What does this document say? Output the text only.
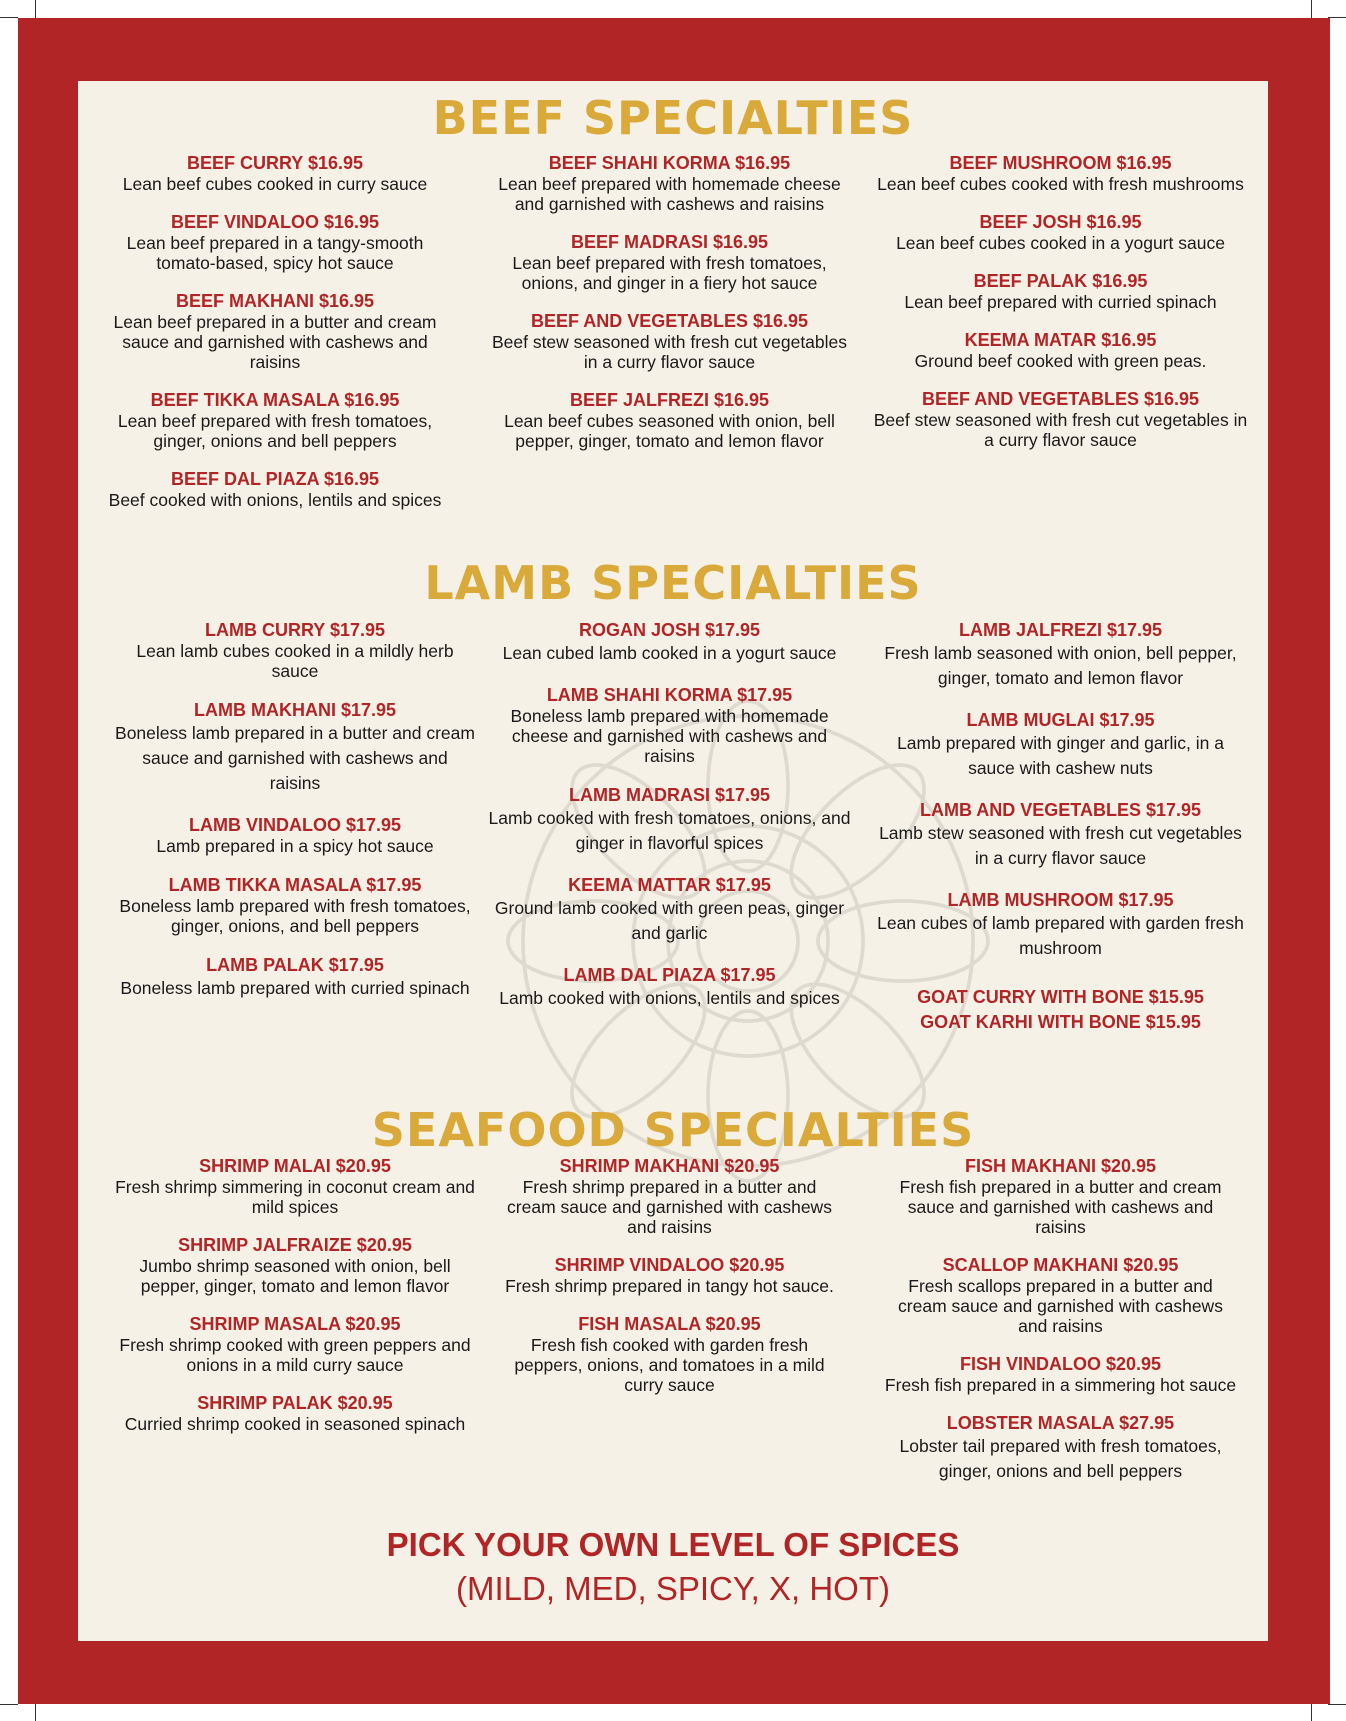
BEEF SPECIALTIES
BEEF CURRY $16.95
Lean beef cubes cooked in curry sauce
BEEF VINDALOO $16.95
Lean beef prepared in a tangy-smooth tomato-based, spicy hot sauce
BEEF MAKHANI $16.95
Lean beef prepared in a butter and cream sauce and garnished with cashews and raisins
BEEF TIKKA MASALA $16.95
Lean beef prepared with fresh tomatoes, ginger, onions and bell peppers
BEEF DAL PIAZA $16.95
Beef cooked with onions, lentils and spices
BEEF SHAHI KORMA $16.95
Lean beef prepared with homemade cheese and garnished with cashews and raisins
BEEF MADRASI $16.95
Lean beef prepared with fresh tomatoes, onions, and ginger in a fiery hot sauce
BEEF AND VEGETABLES $16.95
Beef stew seasoned with fresh cut vegetables in a curry flavor sauce
BEEF JALFREZI $16.95
Lean beef cubes seasoned with onion, bell pepper, ginger, tomato and lemon flavor
BEEF MUSHROOM $16.95
Lean beef cubes cooked with fresh mushrooms
BEEF JOSH $16.95
Lean beef cubes cooked in a yogurt sauce
BEEF PALAK $16.95
Lean beef prepared with curried spinach
KEEMA MATAR $16.95
Ground beef cooked with green peas.
BEEF AND VEGETABLES $16.95
Beef stew seasoned with fresh cut vegetables in a curry flavor sauce
LAMB SPECIALTIES
LAMB CURRY $17.95
Lean lamb cubes cooked in a mildly herb sauce
LAMB MAKHANI $17.95
Boneless lamb prepared in a butter and cream sauce and garnished with cashews and raisins
LAMB VINDALOO $17.95
Lamb prepared in a spicy hot sauce
LAMB TIKKA MASALA $17.95
Boneless lamb prepared with fresh tomatoes, ginger, onions, and bell peppers
LAMB PALAK $17.95
Boneless lamb prepared with curried spinach
ROGAN JOSH $17.95
Lean cubed lamb cooked in a yogurt sauce
LAMB SHAHI KORMA $17.95
Boneless lamb prepared with homemade cheese and garnished with cashews and raisins
LAMB MADRASI $17.95
Lamb cooked with fresh tomatoes, onions, and ginger in flavorful spices
KEEMA MATTAR $17.95
Ground lamb cooked with green peas, ginger and garlic
LAMB DAL PIAZA $17.95
Lamb cooked with onions, lentils and spices
LAMB JALFREZI $17.95
Fresh lamb seasoned with onion, bell pepper, ginger, tomato and lemon flavor
LAMB MUGLAI $17.95
Lamb prepared with ginger and garlic, in a sauce with cashew nuts
LAMB AND VEGETABLES $17.95
Lamb stew seasoned with fresh cut vegetables in a curry flavor sauce
LAMB MUSHROOM $17.95
Lean cubes of lamb prepared with garden fresh mushroom
GOAT CURRY WITH BONE $15.95
GOAT KARHI WITH BONE $15.95
SEAFOOD SPECIALTIES
SHRIMP MALAI $20.95
Fresh shrimp simmering in coconut cream and mild spices
SHRIMP JALFRAIZE $20.95
Jumbo shrimp seasoned with onion, bell pepper, ginger, tomato and lemon flavor
SHRIMP MASALA $20.95
Fresh shrimp cooked with green peppers and onions in a mild curry sauce
SHRIMP PALAK $20.95
Curried shrimp cooked in seasoned spinach
SHRIMP MAKHANI $20.95
Fresh shrimp prepared in a butter and cream sauce and garnished with cashews and raisins
SHRIMP VINDALOO $20.95
Fresh shrimp prepared in tangy hot sauce.
FISH MASALA $20.95
Fresh fish cooked with garden fresh peppers, onions, and tomatoes in a mild curry sauce
FISH MAKHANI $20.95
Fresh fish prepared in a butter and cream sauce and garnished with cashews and raisins
SCALLOP MAKHANI $20.95
Fresh scallops prepared in a butter and cream sauce and garnished with cashews and raisins
FISH VINDALOO $20.95
Fresh fish prepared in a simmering hot sauce
LOBSTER MASALA $27.95
Lobster tail prepared with fresh tomatoes, ginger, onions and bell peppers
PICK YOUR OWN LEVEL OF SPICES
(MILD, MED, SPICY, X, HOT)
